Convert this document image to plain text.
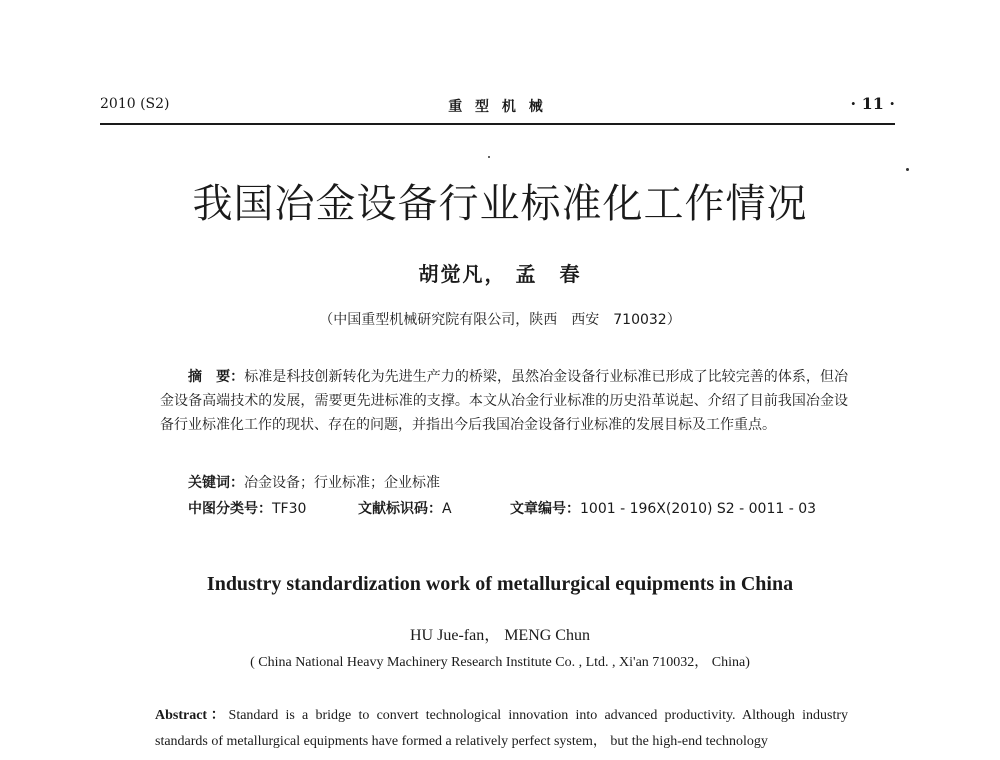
2010 (S2)	重 型 机 械	· 11 ·
我国冶金设备行业标准化工作情况
胡觉凡， 孟　春
（中国重型机械研究院有限公司，陕西　西安　710032）
摘　要：标准是科技创新转化为先进生产力的桥梁，虽然冶金设备行业标准已形成了比较完善的体系，但冶金设备高端技术的发展，需要更先进标准的支撑。本文从冶金行业标准的历史沿革说起、介绍了目前我国冶金设备行业标准化工作的现状、存在的问题，并指出今后我国冶金设备行业标准的发展目标及工作重点。
关键词：冶金设备；行业标准；企业标准
中图分类号：TF30	文献标识码：A	文章编号：1001 - 196X(2010) S2 - 0011 - 03
Industry standardization work of metallurgical equipments in China
HU Jue-fan， MENG Chun
( China National Heavy Machinery Research Institute Co. , Ltd. , Xi'an 710032， China)
Abstract：Standard is a bridge to convert technological innovation into advanced productivity. Although industry standards of metallurgical equipments have formed a relatively perfect system， but the high-end technology
